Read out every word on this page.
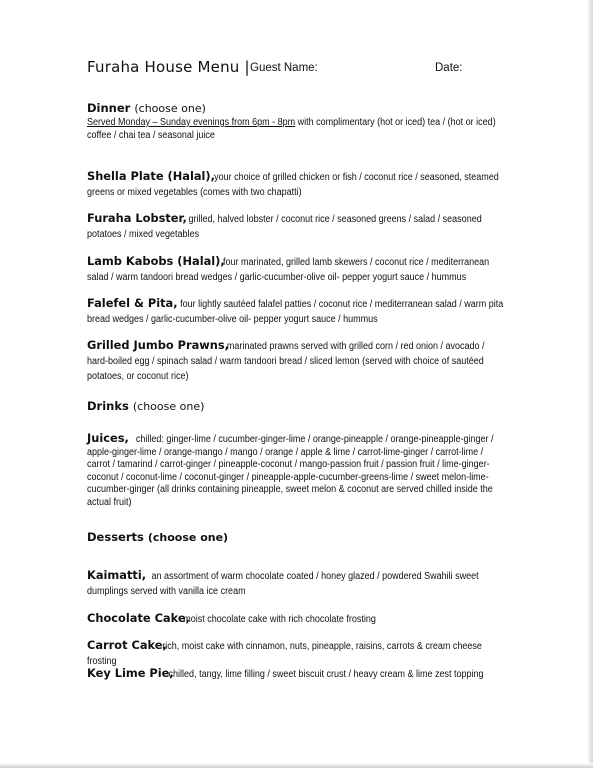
Furaha House Menu | Guest Name:	Date:
Dinner (choose one)
Served Monday – Sunday evenings from 6pm - 8pm with complimentary (hot or iced) tea / (hot or iced) coffee / chai tea / seasonal juice
Shella Plate (Halal),your choice of grilled chicken or fish / coconut rice / seasoned, steamed greens or mixed vegetables (comes with two chapatti)
Furaha Lobster, grilled, halved lobster / coconut rice / seasoned greens / salad / seasoned potatoes / mixed vegetables
Lamb Kabobs (Halal),four marinated, grilled lamb skewers / coconut rice / mediterranean salad / warm tandoori bread wedges / garlic-cucumber-olive oil- pepper yogurt sauce / hummus
Falefel & Pita, four lightly sautéed falafel patties / coconut rice / mediterranean salad / warm pita bread wedges / garlic-cucumber-olive oil- pepper yogurt sauce / hummus
Grilled Jumbo Prawns,marinated prawns served with grilled corn / red onion / avocado / hard-boiled egg / spinach salad / warm tandoori bread / sliced lemon (served with choice of sautéed potatoes, or coconut rice)
Drinks (choose one)
Juices, chilled: ginger-lime / cucumber-ginger-lime / orange-pineapple / orange-pineapple-ginger / apple-ginger-lime / orange-mango / mango / orange / apple & lime / carrot-lime-ginger / carrot-lime / carrot / tamarind / carrot-ginger / pineapple-coconut / mango-passion fruit / passion fruit / lime-ginger-coconut / coconut-lime / coconut-ginger / pineapple-apple-cucumber-greens-lime / sweet melon-lime-cucumber-ginger (all drinks containing pineapple, sweet melon & coconut are served chilled inside the actual fruit)
Desserts (choose one)
Kaimatti, an assortment of warm chocolate coated / honey glazed / powdered Swahili sweet dumplings served with vanilla ice cream
Chocolate Cake,moist chocolate cake with rich chocolate frosting
Carrot Cake,rich, moist cake with cinnamon, nuts, pineapple, raisins, carrots & cream cheese frosting
Key Lime Pie,chilled, tangy, lime filling / sweet biscuit crust / heavy cream & lime zest topping
